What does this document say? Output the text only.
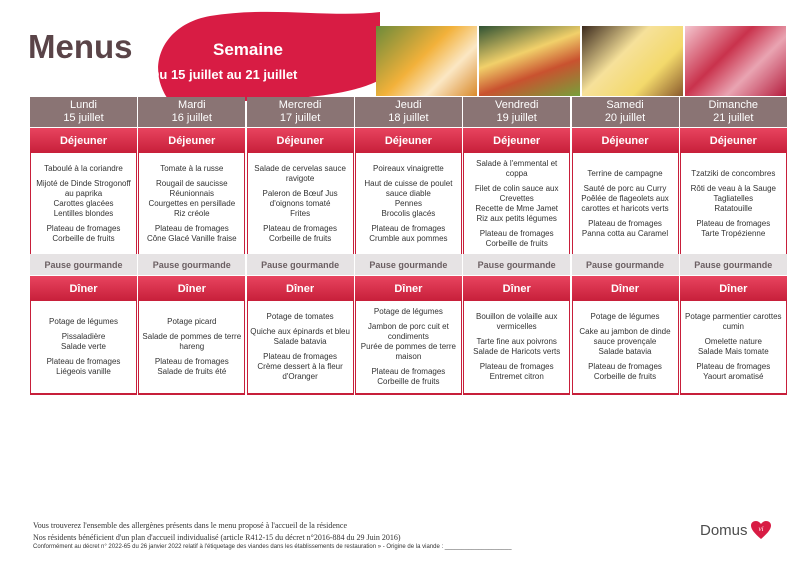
Menus	Semaine
Du 15 juillet au 21 juillet
Lundi
15 juillet
Déjeuner
Taboulé à la coriandre
Mijoté de Dinde Strogonoff au paprika
Carottes glacées
Lentilles blondes
Plateau de fromages
Corbeille de fruits
Pause gourmande
Dîner
Potage de légumes
Pissaladière
Salade verte
Plateau de fromages
Liégeois vanille
Mardi
16 juillet
Déjeuner
Tomate à la russe
Rougail de saucisse Réunionnais
Courgettes en persillade
Riz créole
Plateau de fromages
Cône Glacé Vanille fraise
Pause gourmande
Dîner
Potage picard
Salade de pommes de terre hareng
Plateau de fromages
Salade de fruits été
Mercredi
17 juillet
Déjeuner
Salade de cervelas sauce ravigote
Paleron de Bœuf Jus d'oignons tomaté
Frites
Plateau de fromages
Corbeille de fruits
Pause gourmande
Dîner
Potage de tomates
Quiche aux épinards et bleu
Salade batavia
Plateau de fromages
Crème dessert à la fleur d'Oranger
Jeudi
18 juillet
Déjeuner
Poireaux vinaigrette
Haut de cuisse de poulet sauce diable
Pennes
Brocolis glacés
Plateau de fromages
Crumble aux pommes
Pause gourmande
Dîner
Potage de légumes
Jambon de porc cuit et condiments
Purée de pommes de terre maison
Plateau de fromages
Corbeille de fruits
Vendredi
19 juillet
Déjeuner
Salade à l'emmental et coppa
Filet de colin sauce aux Crevettes
Recette de Mme Jamet
Riz aux petits légumes
Plateau de fromages
Corbeille de fruits
Pause gourmande
Dîner
Bouillon de volaille aux vermicelles
Tarte fine aux poivrons
Salade de Haricots verts
Plateau de fromages
Entremet citron
Samedi
20 juillet
Déjeuner
Terrine de campagne
Sauté de porc au Curry
Poêlée de flageolets aux carottes et haricots verts
Plateau de fromages
Panna cotta au Caramel
Pause gourmande
Dîner
Potage de légumes
Cake au jambon de dinde sauce provençale
Salade batavia
Plateau de fromages
Corbeille de fruits
Dimanche
21 juillet
Déjeuner
Tzatziki de concombres
Rôti de veau à la Sauge
Tagliatelles
Ratatouille
Plateau de fromages
Tarte Tropézienne
Pause gourmande
Dîner
Potage parmentier carottes cumin
Omelette nature
Salade Mais tomate
Plateau de fromages
Yaourt aromatisé
Vous trouverez l'ensemble des allergènes présents dans le menu proposé à l'accueil de la résidence
Nos résidents bénéficient d'un plan d'accueil individualisé (article R412-15 du décret n°2016-884 du 29 Juin 2016)
Conformément au décret n° 2022-65 du 26 janvier 2022 relatif à l'étiquetage des viandes dans les établissements de restauration » - Origine de la viande : ____________________
Domus vi
